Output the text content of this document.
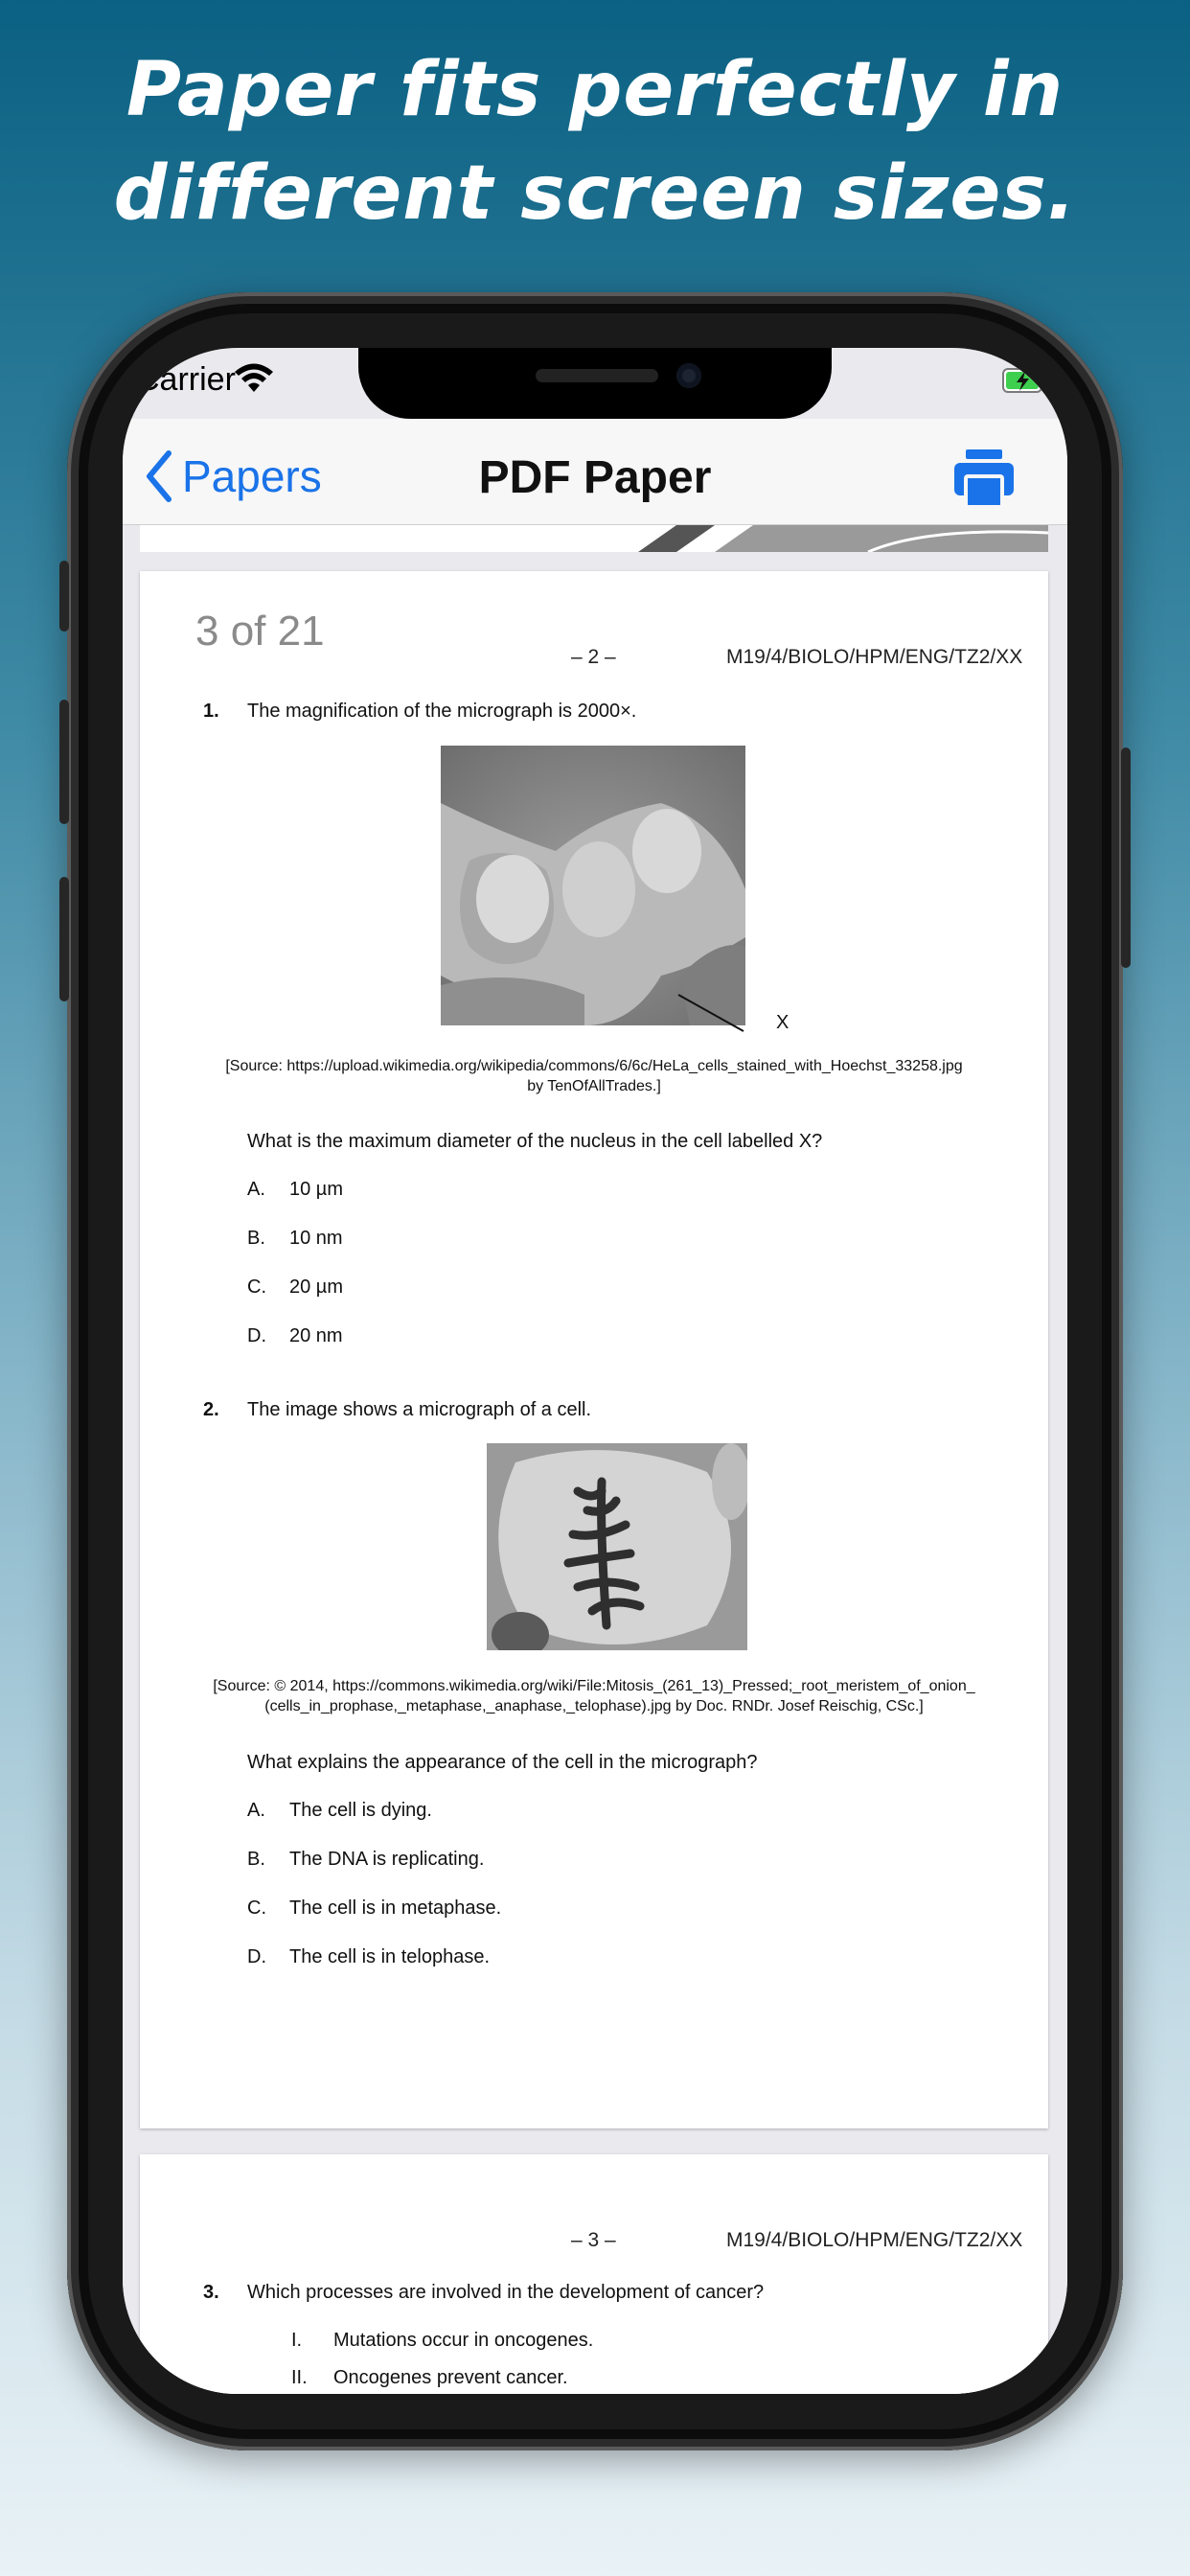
Paper fits perfectly in
different screen sizes.
Carrier
Papers	PDF Paper
3 of 21
– 2 –	M19/4/BIOLO/HPM/ENG/TZ2/XX
1. The magnification of the micrograph is 2000×.
X
[Source: https://upload.wikimedia.org/wikipedia/commons/6/6c/HeLa_cells_stained_with_Hoechst_33258.jpg
by TenOfAllTrades.]
What is the maximum diameter of the nucleus in the cell labelled X?
A. 10 µm
B. 10 nm
C. 20 µm
D. 20 nm
2. The image shows a micrograph of a cell.
[Source: © 2014, https://commons.wikimedia.org/wiki/File:Mitosis_(261_13)_Pressed;_root_meristem_of_onion_
(cells_in_prophase,_metaphase,_anaphase,_telophase).jpg by Doc. RNDr. Josef Reischig, CSc.]
What explains the appearance of the cell in the micrograph?
A. The cell is dying.
B. The DNA is replicating.
C. The cell is in metaphase.
D. The cell is in telophase.
– 3 –	M19/4/BIOLO/HPM/ENG/TZ2/XX
3. Which processes are involved in the development of cancer?
I. Mutations occur in oncogenes.
II. Oncogenes prevent cancer.
